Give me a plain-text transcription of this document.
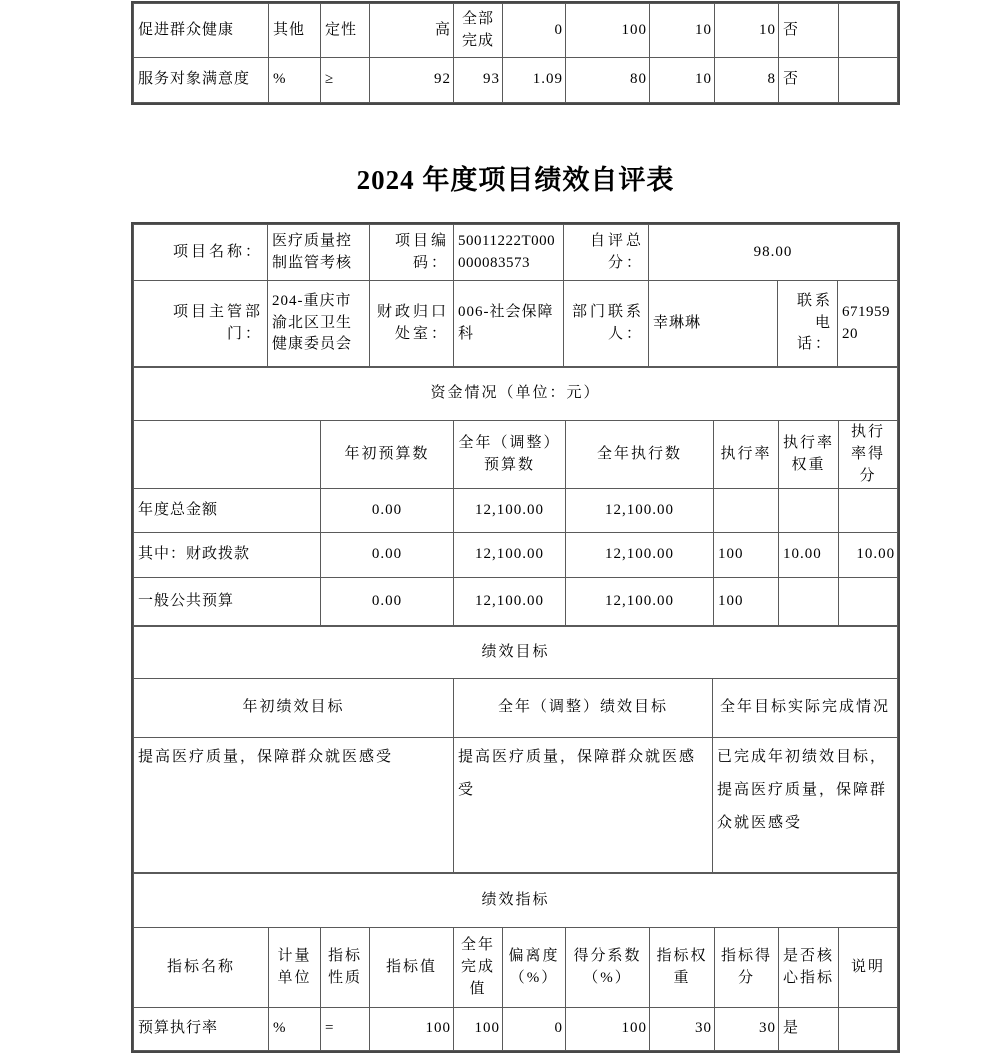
促进群众健康	其他	定性	高	全部完成	0	100	10	10	否	
服务对象满意度	%	≥	92	93	1.09	80	10	8	否	
2024 年度项目绩效自评表
项目名称：	医疗质量控制监管考核	项目编码：	50011222T000000083573	自评总分：	98.00		
项目主管部门：	204-重庆市渝北区卫生健康委员会	财政归口处室：	006-社会保障科	部门联系人：	幸琳琳	联系电话：	67195920
资金情况（单位：元）						
	年初预算数	全年（调整）预算数	全年执行数	执行率	执行率权重	执行率得分
年度总金额	0.00	12,100.00	12,100.00			
其中：财政拨款	0.00	12,100.00	12,100.00	100	10.00	10.00
一般公共预算	0.00	12,100.00	12,100.00	100		
绩效目标		
年初绩效目标	全年（调整）绩效目标	全年目标实际完成情况
提高医疗质量，保障群众就医感受	提高医疗质量，保障群众就医感受	已完成年初绩效目标，提高医疗质量，保障群众就医感受
绩效指标										
指标名称	计量单位	指标性质	指标值	全年完成值	偏离度（%）	得分系数（%）	指标权重	指标得分	是否核心指标	说明
预算执行率	%	=	100	100	0	100	30	30	是	
